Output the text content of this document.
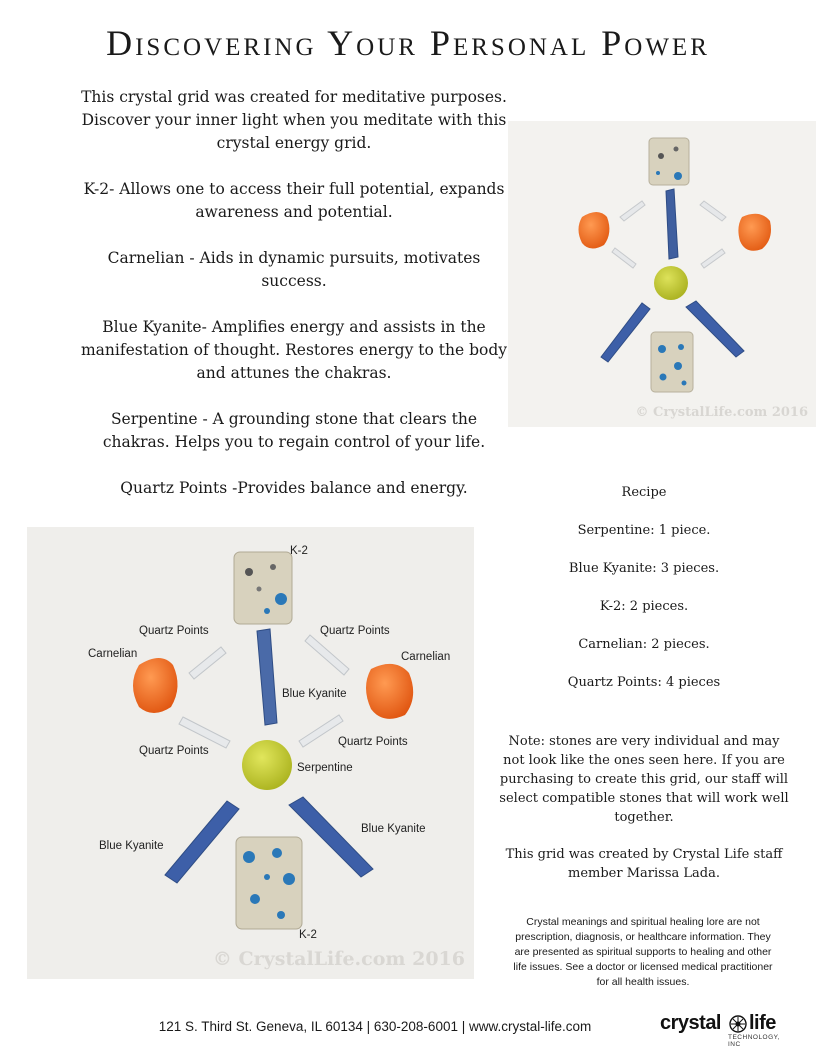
Discovering Your Personal Power

This crystal grid was created for meditative purposes. Discover your inner light when you meditate with this crystal energy grid.

K-2- Allows one to access their full potential, expands awareness and potential.

Carnelian - Aids in dynamic pursuits, motivates success.

Blue Kyanite- Amplifies energy and assists in the manifestation of thought. Restores energy to the body and attunes the chakras.

Serpentine - A grounding stone that clears the chakras. Helps you to regain control of your life.

Quartz Points -Provides balance and energy.

© CrystalLife.com 2016
Recipe
Serpentine: 1 piece.
Blue Kyanite: 3 pieces.
K-2: 2 pieces.
Carnelian: 2 pieces.
Quartz Points: 4 pieces
K-2
Quartz Points	Quartz Points
Carnelian	Carnelian
Blue Kyanite
Quartz Points
Quartz Points
Serpentine
Blue Kyanite
Blue Kyanite
K-2
© CrystalLife.com 2016

Note: stones are very individual and may not look like the ones seen here. If you are purchasing to create this grid, our staff will select compatible stones that will work well together.

This grid was created by Crystal Life staff member Marissa Lada.

Crystal meanings and spiritual healing lore are not prescription, diagnosis, or healthcare information. They are presented as spiritual supports to healing and other life issues. See a doctor or licensed medical practitioner for all health issues.
121 S. Third St. Geneva, IL 60134 | 630-208-6001 | www.crystal-life.com	crystal life
TECHNOLOGY, INC
